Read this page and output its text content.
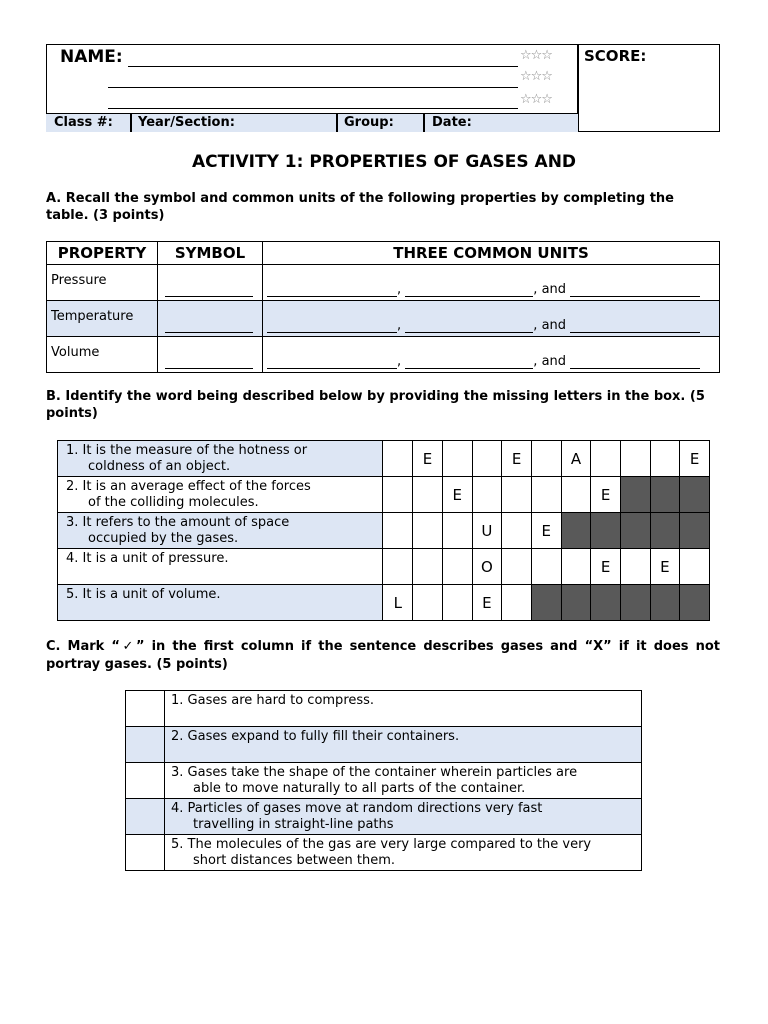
NAME:	☆☆☆
☆☆☆
☆☆☆
SCORE:
Class #: Year/Section:	Group:	Date:
ACTIVITY 1: PROPERTIES OF GASES AND
A. Recall the symbol and common units of the following properties by completing the table. (3 points)
PROPERTY	SYMBOL	THREE COMMON UNITS

Pressure		, , and

Temperature		, , and

Volume		, , and
B. Identify the word being described below by providing the missing letters in the box. (5 points)
1. It is the measure of the hotness or
coldness of an object.		E			E		A				E

2. It is an average effect of the forces
of the colliding molecules.			E					E			

3. It refers to the amount of space
occupied by the gases.				U		E					

4. It is a unit of pressure.				O				E		E	

5. It is a unit of volume.	L			E							
C. Mark “✓” in the first column if the sentence describes gases and “X” if it does not portray gases. (5 points)

	1. Gases are hard to compress.

	2. Gases expand to fully fill their containers.

	3. Gases take the shape of the container wherein particles are
able to move naturally to all parts of the container.

	4. Particles of gases move at random directions very fast
travelling in straight-line paths

	5. The molecules of the gas are very large compared to the very
short distances between them.
